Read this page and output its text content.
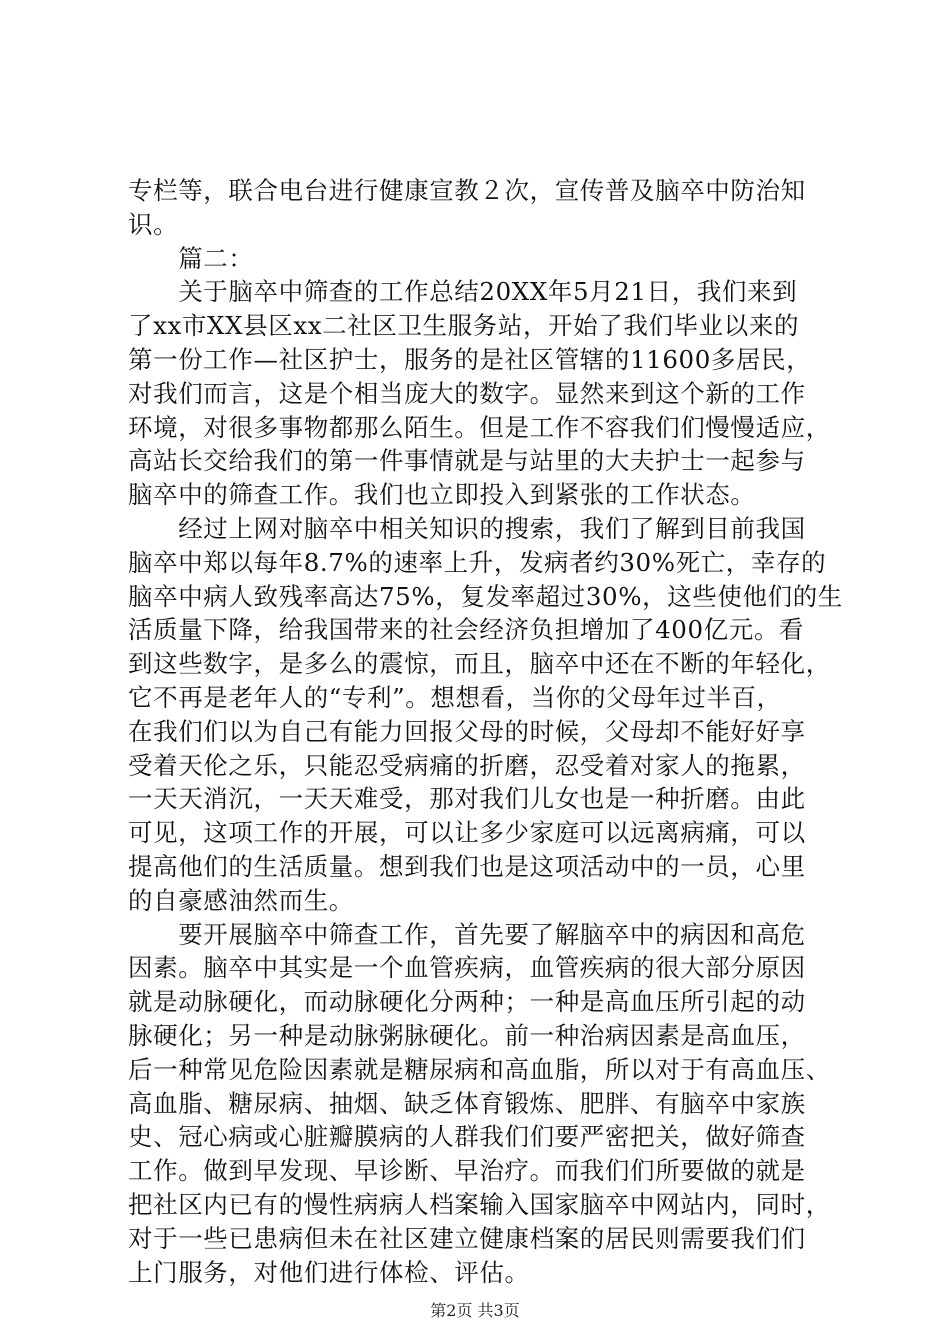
专栏等，联合电台进行健康宣教２次，宣传普及脑卒中防治知
识。
　　篇二：
　　关于脑卒中筛查的工作总结20XX年5月21日，我们来到
了xx市XX县区xx二社区卫生服务站，开始了我们毕业以来的
第一份工作—社区护士，服务的是社区管辖的11600多居民，
对我们而言，这是个相当庞大的数字。显然来到这个新的工作
环境，对很多事物都那么陌生。但是工作不容我们们慢慢适应，
高站长交给我们的第一件事情就是与站里的大夫护士一起参与
脑卒中的筛查工作。我们也立即投入到紧张的工作状态。
　　经过上网对脑卒中相关知识的搜索，我们了解到目前我国
脑卒中郑以每年8.7%的速率上升，发病者约30%死亡，幸存的
脑卒中病人致残率高达75%，复发率超过30%，这些使他们的生
活质量下降，给我国带来的社会经济负担增加了400亿元。看
到这些数字，是多么的震惊，而且，脑卒中还在不断的年轻化，
它不再是老年人的“专利”。想想看，当你的父母年过半百，
在我们们以为自己有能力回报父母的时候，父母却不能好好享
受着天伦之乐，只能忍受病痛的折磨，忍受着对家人的拖累，
一天天消沉，一天天难受，那对我们儿女也是一种折磨。由此
可见，这项工作的开展，可以让多少家庭可以远离病痛，可以
提高他们的生活质量。想到我们也是这项活动中的一员，心里
的自豪感油然而生。
　　要开展脑卒中筛查工作，首先要了解脑卒中的病因和高危
因素。脑卒中其实是一个血管疾病，血管疾病的很大部分原因
就是动脉硬化，而动脉硬化分两种；一种是高血压所引起的动
脉硬化；另一种是动脉粥脉硬化。前一种治病因素是高血压，
后一种常见危险因素就是糖尿病和高血脂，所以对于有高血压、
高血脂、糖尿病、抽烟、缺乏体育锻炼、肥胖、有脑卒中家族
史、冠心病或心脏瓣膜病的人群我们们要严密把关，做好筛查
工作。做到早发现、早诊断、早治疗。而我们们所要做的就是
把社区内已有的慢性病病人档案输入国家脑卒中网站内，同时，
对于一些已患病但未在社区建立健康档案的居民则需要我们们
上门服务，对他们进行体检、评估。
第2页 共3页
